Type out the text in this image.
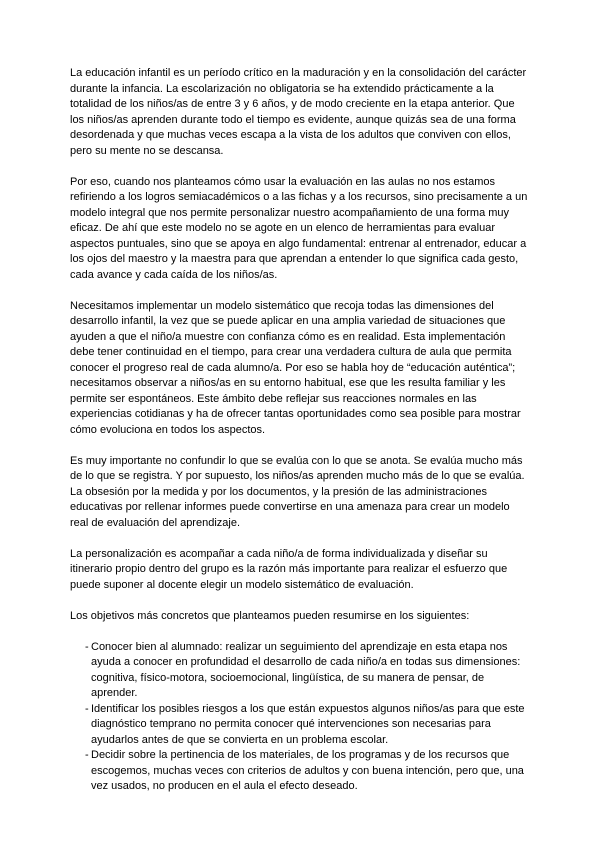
La educación infantil es un período crítico en la maduración y en la consolidación del carácter durante la infancia. La escolarización no obligatoria se ha extendido prácticamente a la totalidad de los niños/as de entre 3 y 6 años, y de modo creciente en la etapa anterior. Que los niños/as aprenden durante todo el tiempo es evidente, aunque quizás sea de una forma desordenada y que muchas veces escapa a la vista de los adultos que conviven con ellos, pero su mente no se descansa.

Por eso, cuando nos planteamos cómo usar la evaluación en las aulas no nos estamos refiriendo a los logros semiacadémicos o a las fichas y a los recursos, sino precisamente a un modelo integral que nos permite personalizar nuestro acompañamiento de una forma muy eficaz. De ahí que este modelo no se agote en un elenco de herramientas para evaluar aspectos puntuales, sino que se apoya en algo fundamental: entrenar al entrenador, educar a los ojos del maestro y la maestra para que aprendan a entender lo que significa cada gesto, cada avance y cada caída de los niños/as.

Necesitamos implementar un modelo sistemático que recoja todas las dimensiones del desarrollo infantil, la vez que se puede aplicar en una amplia variedad de situaciones que ayuden a que el niño/a muestre con confianza cómo es en realidad. Esta implementación debe tener continuidad en el tiempo, para crear una verdadera cultura de aula que permita conocer el progreso real de cada alumno/a. Por eso se habla hoy de “educación auténtica”; necesitamos observar a niños/as en su entorno habitual, ese que les resulta familiar y les permite ser espontáneos. Este ámbito debe reflejar sus reacciones normales en las experiencias cotidianas y ha de ofrecer tantas oportunidades como sea posible para mostrar cómo evoluciona en todos los aspectos.

Es muy importante no confundir lo que se evalúa con lo que se anota. Se evalúa mucho más de lo que se registra. Y por supuesto, los niños/as aprenden mucho más de lo que se evalúa. La obsesión por la medida y por los documentos, y la presión de las administraciones educativas por rellenar informes puede convertirse en una amenaza para crear un modelo real de evaluación del aprendizaje.

La personalización es acompañar a cada niño/a de forma individualizada y diseñar su itinerario propio dentro del grupo es la razón más importante para realizar el esfuerzo que puede suponer al docente elegir un modelo sistemático de evaluación.

Los objetivos más concretos que planteamos pueden resumirse en los siguientes:

- Conocer bien al alumnado: realizar un seguimiento del aprendizaje en esta etapa nos ayuda a conocer en profundidad el desarrollo de cada niño/a en todas sus dimensiones: cognitiva, físico-motora, socioemocional, lingüística, de su manera de pensar, de aprender.
- Identificar los posibles riesgos a los que están expuestos algunos niños/as para que este diagnóstico temprano no permita conocer qué intervenciones son necesarias para ayudarlos antes de que se convierta en un problema escolar.
- Decidir sobre la pertinencia de los materiales, de los programas y de los recursos que escogemos, muchas veces con criterios de adultos y con buena intención, pero que, una vez usados, no producen en el aula el efecto deseado.
